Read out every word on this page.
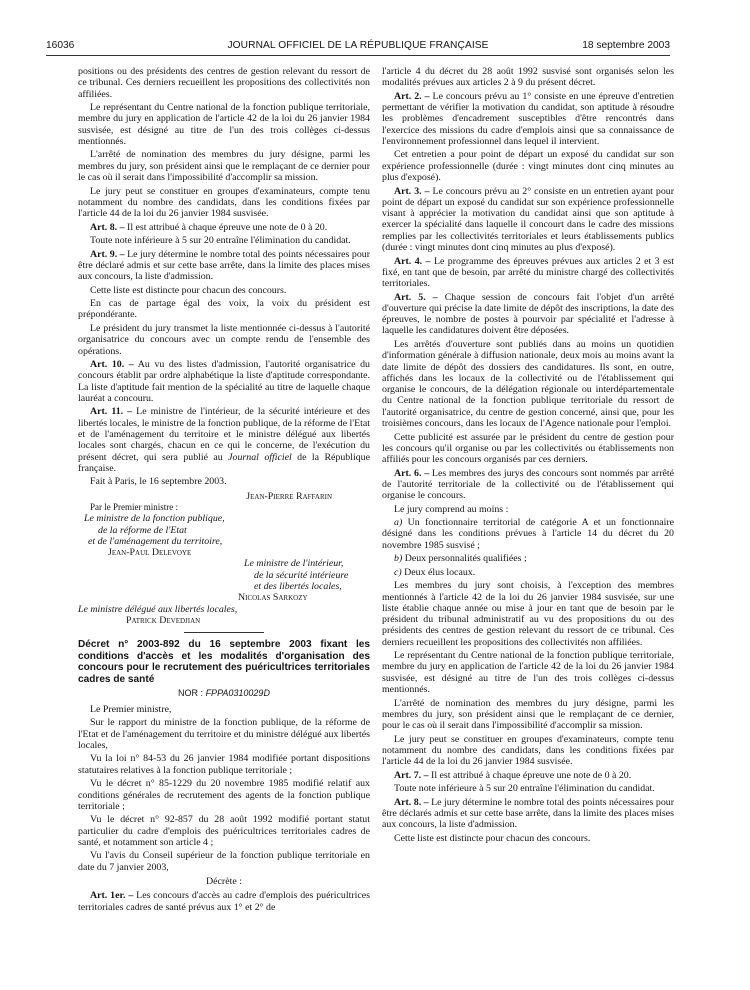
16036	JOURNAL OFFICIEL DE LA RÉPUBLIQUE FRANÇAISE	18 septembre 2003

positions ou des présidents des centres de gestion relevant du ressort de ce tribunal. Ces derniers recueillent les propositions des collectivités non affiliées.

Le représentant du Centre national de la fonction publique territoriale, membre du jury en application de l'article 42 de la loi du 26 janvier 1984 susvisée, est désigné au titre de l'un des trois collèges ci-dessus mentionnés.

L'arrêté de nomination des membres du jury désigne, parmi les membres du jury, son président ainsi que le remplaçant de ce dernier pour le cas où il serait dans l'impossibilité d'accomplir sa mission.

Le jury peut se constituer en groupes d'examinateurs, compte tenu notamment du nombre des candidats, dans les conditions fixées par l'article 44 de la loi du 26 janvier 1984 susvisée.

Art. 8. – Il est attribué à chaque épreuve une note de 0 à 20.

Toute note inférieure à 5 sur 20 entraîne l'élimination du candidat.

Art. 9. – Le jury détermine le nombre total des points nécessaires pour être déclaré admis et sur cette base arrête, dans la limite des places mises aux concours, la liste d'admission.

Cette liste est distincte pour chacun des concours.

En cas de partage égal des voix, la voix du président est prépondérante.

Le président du jury transmet la liste mentionnée ci-dessus à l'autorité organisatrice du concours avec un compte rendu de l'ensemble des opérations.

Art. 10. – Au vu des listes d'admission, l'autorité organisatrice du concours établit par ordre alphabétique la liste d'aptitude correspondante. La liste d'aptitude fait mention de la spécialité au titre de laquelle chaque lauréat a concouru.

Art. 11. – Le ministre de l'intérieur, de la sécurité intérieure et des libertés locales, le ministre de la fonction publique, de la réforme de l'Etat et de l'aménagement du territoire et le ministre délégué aux libertés locales sont chargés, chacun en ce qui le concerne, de l'exécution du présent décret, qui sera publié au Journal officiel de la République française.

Fait à Paris, le 16 septembre 2003.

Jean-Pierre Raffarin
Par le Premier ministre :
Le ministre de la fonction publique,
de la réforme de l'Etat
et de l'aménagement du territoire,
Jean-Paul Delevoye
Le ministre de l'intérieur,
de la sécurité intérieure
et des libertés locales,
Nicolas Sarkozy
Le ministre délégué aux libertés locales,
Patrick Devedjian
Décret n° 2003-892 du 16 septembre 2003 fixant les conditions d'accès et les modalités d'organisation des concours pour le recrutement des puéricultrices territoriales cadres de santé
NOR : FPPA0310029D

Le Premier ministre,

Sur le rapport du ministre de la fonction publique, de la réforme de l'Etat et de l'aménagement du territoire et du ministre délégué aux libertés locales,

Vu la loi n° 84-53 du 26 janvier 1984 modifiée portant dispositions statutaires relatives à la fonction publique territoriale ;

Vu le décret n° 85-1229 du 20 novembre 1985 modifié relatif aux conditions générales de recrutement des agents de la fonction publique territoriale ;

Vu le décret n° 92-857 du 28 août 1992 modifié portant statut particulier du cadre d'emplois des puéricultrices territoriales cadres de santé, et notamment son article 4 ;

Vu l'avis du Conseil supérieur de la fonction publique territoriale en date du 7 janvier 2003,

Décrète :

Art. 1er. – Les concours d'accès au cadre d'emplois des puéricultrices territoriales cadres de santé prévus aux 1° et 2° de

l'article 4 du décret du 28 août 1992 susvisé sont organisés selon les modalités prévues aux articles 2 à 9 du présent décret.

Art. 2. – Le concours prévu au 1° consiste en une épreuve d'entretien permettant de vérifier la motivation du candidat, son aptitude à résoudre les problèmes d'encadrement susceptibles d'être rencontrés dans l'exercice des missions du cadre d'emplois ainsi que sa connaissance de l'environnement professionnel dans lequel il intervient.

Cet entretien a pour point de départ un exposé du candidat sur son expérience professionnelle (durée : vingt minutes dont cinq minutes au plus d'exposé).

Art. 3. – Le concours prévu au 2° consiste en un entretien ayant pour point de départ un exposé du candidat sur son expérience professionnelle visant à apprécier la motivation du candidat ainsi que son aptitude à exercer la spécialité dans laquelle il concourt dans le cadre des missions remplies par les collectivités territoriales et leurs établissements publics (durée : vingt minutes dont cinq minutes au plus d'exposé).

Art. 4. – Le programme des épreuves prévues aux articles 2 et 3 est fixé, en tant que de besoin, par arrêté du ministre chargé des collectivités territoriales.

Art. 5. – Chaque session de concours fait l'objet d'un arrêté d'ouverture qui précise la date limite de dépôt des inscriptions, la date des épreuves, le nombre de postes à pourvoir par spécialité et l'adresse à laquelle les candidatures doivent être déposées.

Les arrêtés d'ouverture sont publiés dans au moins un quotidien d'information générale à diffusion nationale, deux mois au moins avant la date limite de dépôt des dossiers des candidatures. Ils sont, en outre, affichés dans les locaux de la collectivité ou de l'établissement qui organise le concours, de la délégation régionale ou interdépartementale du Centre national de la fonction publique territoriale du ressort de l'autorité organisatrice, du centre de gestion concerné, ainsi que, pour les troisièmes concours, dans les locaux de l'Agence nationale pour l'emploi.

Cette publicité est assurée par le président du centre de gestion pour les concours qu'il organise ou par les collectivités ou établissements non affiliés pour les concours organisés par ces derniers.

Art. 6. – Les membres des jurys des concours sont nommés par arrêté de l'autorité territoriale de la collectivité ou de l'établissement qui organise le concours.

Le jury comprend au moins :

a) Un fonctionnaire territorial de catégorie A et un fonctionnaire désigné dans les conditions prévues à l'article 14 du décret du 20 novembre 1985 susvisé ;

b) Deux personnalités qualifiées ;

c) Deux élus locaux.

Les membres du jury sont choisis, à l'exception des membres mentionnés à l'article 42 de la loi du 26 janvier 1984 susvisée, sur une liste établie chaque année ou mise à jour en tant que de besoin par le président du tribunal administratif au vu des propositions du ou des présidents des centres de gestion relevant du ressort de ce tribunal. Ces derniers recueillent les propositions des collectivités non affiliées.

Le représentant du Centre national de la fonction publique territoriale, membre du jury en application de l'article 42 de la loi du 26 janvier 1984 susvisée, est désigné au titre de l'un des trois collèges ci-dessus mentionnés.

L'arrêté de nomination des membres du jury désigne, parmi les membres du jury, son président ainsi que le remplaçant de ce dernier, pour le cas où il serait dans l'impossibilité d'accomplir sa mission.

Le jury peut se constituer en groupes d'examinateurs, compte tenu notamment du nombre des candidats, dans les conditions fixées par l'article 44 de la loi du 26 janvier 1984 susvisée.

Art. 7. – Il est attribué à chaque épreuve une note de 0 à 20.

Toute note inférieure à 5 sur 20 entraîne l'élimination du candidat.

Art. 8. – Le jury détermine le nombre total des points nécessaires pour être déclarés admis et sur cette base arrête, dans la limite des places mises aux concours, la liste d'admission.

Cette liste est distincte pour chacun des concours.
